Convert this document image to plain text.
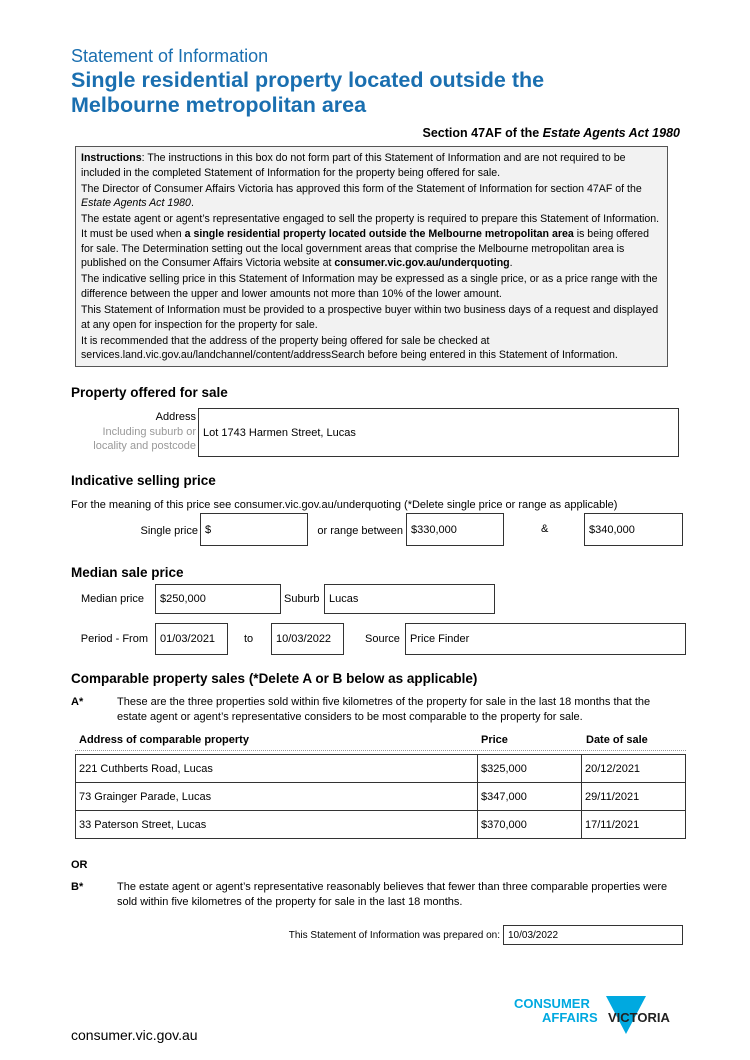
Statement of Information
Single residential property located outside the
Melbourne metropolitan area
Section 47AF of the Estate Agents Act 1980

Instructions: The instructions in this box do not form part of this Statement of Information and are not required to be included in the completed Statement of Information for the property being offered for sale.

The Director of Consumer Affairs Victoria has approved this form of the Statement of Information for section 47AF of the Estate Agents Act 1980.

The estate agent or agent’s representative engaged to sell the property is required to prepare this Statement of Information. It must be used when a single residential property located outside the Melbourne metropolitan area is being offered for sale. The Determination setting out the local government areas that comprise the Melbourne metropolitan area is published on the Consumer Affairs Victoria website at consumer.vic.gov.au/underquoting.

The indicative selling price in this Statement of Information may be expressed as a single price, or as a price range with the difference between the upper and lower amounts not more than 10% of the lower amount.

This Statement of Information must be provided to a prospective buyer within two business days of a request and displayed at any open for inspection for the property for sale.

It is recommended that the address of the property being offered for sale be checked at services.land.vic.gov.au/landchannel/content/addressSearch before being entered in this Statement of Information.

Property offered for sale
Address
Including suburb or
locality and postcode
Lot 1743 Harmen Street, Lucas
Indicative selling price
For the meaning of this price see consumer.vic.gov.au/underquoting (*Delete single price or range as applicable)
Single price $	or range between $330,000	&	$340,000
Median sale price
Median price	$250,000	Suburb Lucas
Period - From	01/03/2021	to	10/03/2022	Source Price Finder
Comparable property sales (*Delete A or B below as applicable)
A*	These are the three properties sold within five kilometres of the property for sale in the last 18 months that the estate agent or agent’s representative considers to be most comparable to the property for sale.
Address of comparable property	Price	Date of sale
221 Cuthberts Road, Lucas	$325,000	20/12/2021
73 Grainger Parade, Lucas	$347,000	29/11/2021
33 Paterson Street, Lucas	$370,000	17/11/2021
OR
B*	The estate agent or agent’s representative reasonably believes that fewer than three comparable properties were sold within five kilometres of the property for sale in the last 18 months.
This Statement of Information was prepared on: 10/03/2022
consumer.vic.gov.au
CONSUMER
AFFAIRS VICTORIA
